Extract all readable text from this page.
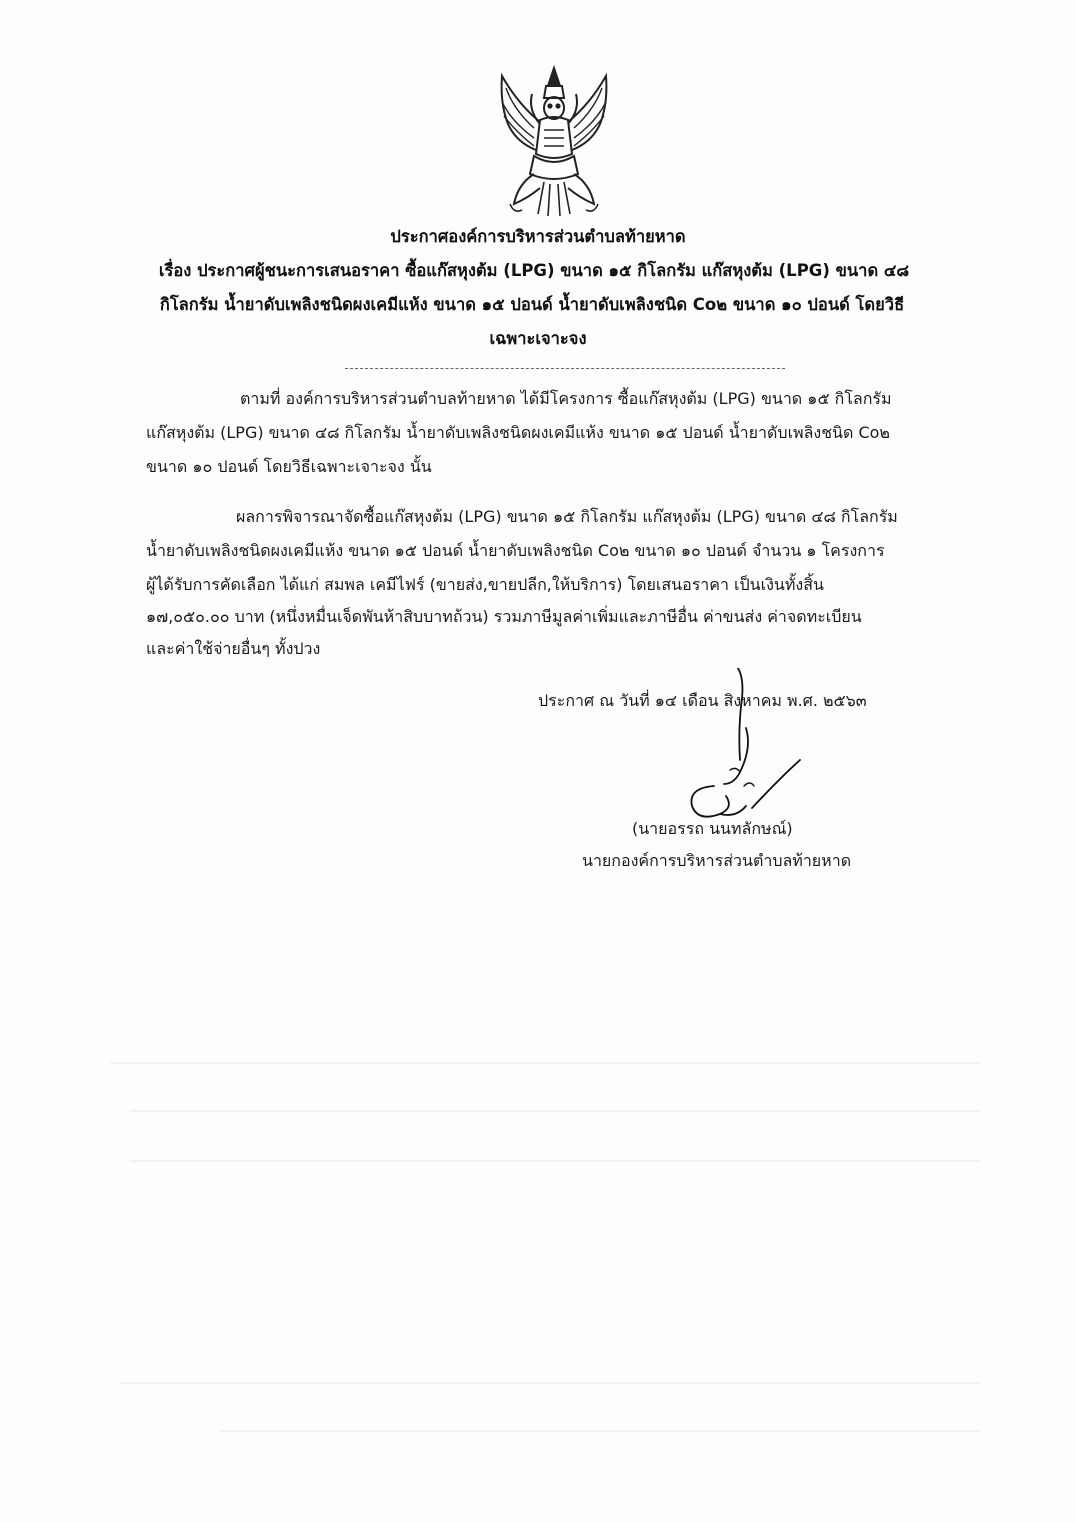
ประกาศองค์การบริหารส่วนตำบลท้ายหาด
เรื่อง ประกาศผู้ชนะการเสนอราคา ซื้อแก๊สหุงต้ม (LPG) ขนาด ๑๕ กิโลกรัม แก๊สหุงต้ม (LPG) ขนาด ๔๘
กิโลกรัม น้ำยาดับเพลิงชนิดผงเคมีแห้ง ขนาด ๑๕ ปอนด์ น้ำยาดับเพลิงชนิด Co๒ ขนาด ๑๐ ปอนด์ โดยวิธี
เฉพาะเจาะจง
ตามที่ องค์การบริหารส่วนตำบลท้ายหาด ได้มีโครงการ ซื้อแก๊สหุงต้ม (LPG) ขนาด ๑๕ กิโลกรัม
แก๊สหุงต้ม (LPG) ขนาด ๔๘ กิโลกรัม น้ำยาดับเพลิงชนิดผงเคมีแห้ง ขนาด ๑๕ ปอนด์ น้ำยาดับเพลิงชนิด Co๒
ขนาด ๑๐ ปอนด์ โดยวิธีเฉพาะเจาะจง นั้น
ผลการพิจารณาจัดซื้อแก๊สหุงต้ม (LPG) ขนาด ๑๕ กิโลกรัม แก๊สหุงต้ม (LPG) ขนาด ๔๘ กิโลกรัม
น้ำยาดับเพลิงชนิดผงเคมีแห้ง ขนาด ๑๕ ปอนด์ น้ำยาดับเพลิงชนิด Co๒ ขนาด ๑๐ ปอนด์ จำนวน ๑ โครงการ
ผู้ได้รับการคัดเลือก ได้แก่ สมพล เคมีไฟร์ (ขายส่ง,ขายปลีก,ให้บริการ) โดยเสนอราคา เป็นเงินทั้งสิ้น
๑๗,๐๕๐.๐๐ บาท (หนึ่งหมื่นเจ็ดพันห้าสิบบาทถ้วน) รวมภาษีมูลค่าเพิ่มและภาษีอื่น ค่าขนส่ง ค่าจดทะเบียน
และค่าใช้จ่ายอื่นๆ ทั้งปวง
ประกาศ ณ วันที่ ๑๔ เดือน สิงหาคม พ.ศ. ๒๕๖๓
(นายอรรถ นนทลักษณ์)
นายกองค์การบริหารส่วนตำบลท้ายหาด
